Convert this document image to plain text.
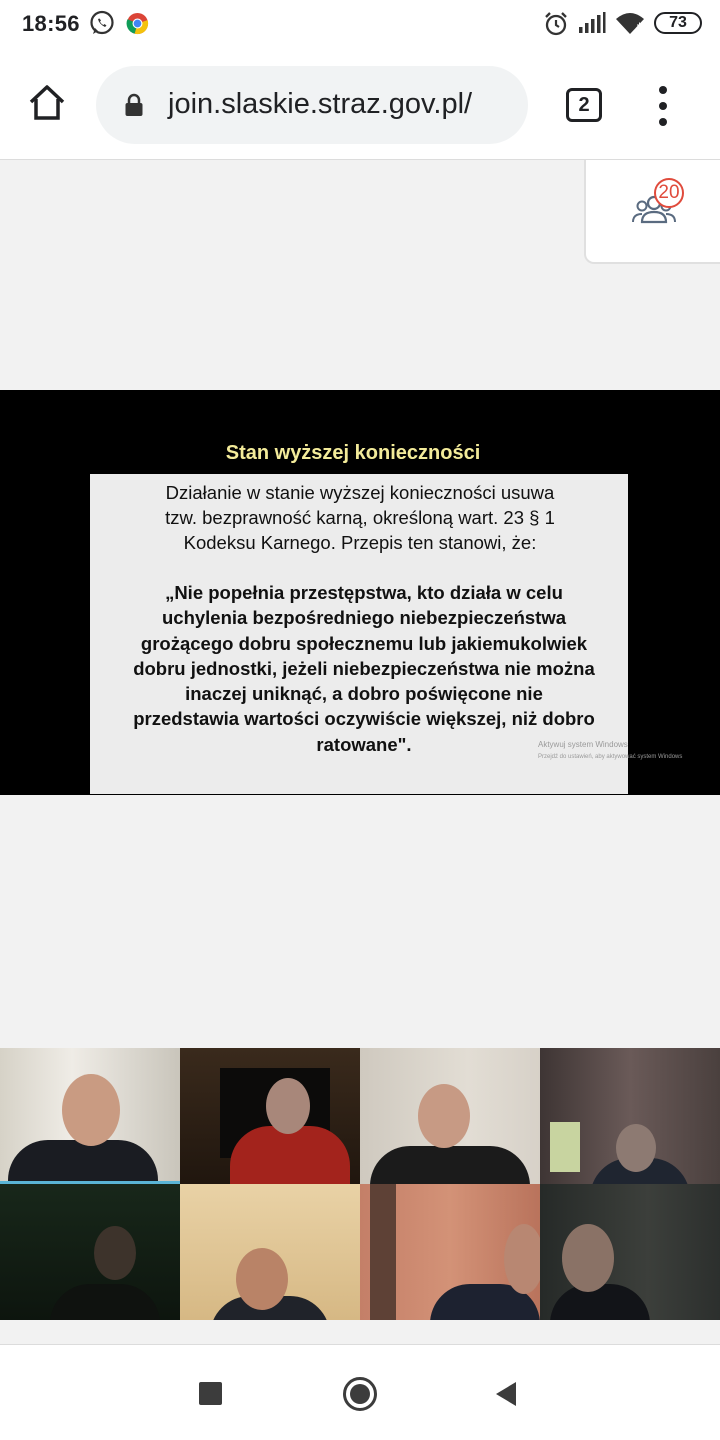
18:56	73
join.slaskie.straz.gov.pl/	2
20
Stan wyższej konieczności
Działanie w stanie wyższej konieczności usuwa tzw. bezprawność karną, określoną wart. 23 § 1 Kodeksu Karnego. Przepis ten stanowi, że:
„Nie popełnia przestępstwa, kto działa w celu uchylenia bezpośredniego niebezpieczeństwa grożącego dobru społecznemu lub jakiemukolwiek dobru jednostki, jeżeli niebezpieczeństwa nie można inaczej uniknąć, a dobro poświęcone nie przedstawia wartości oczywiście większej, niż dobro ratowane".	Aktywuj system Windows
Przejdź do ustawień, aby aktywować system Windows
